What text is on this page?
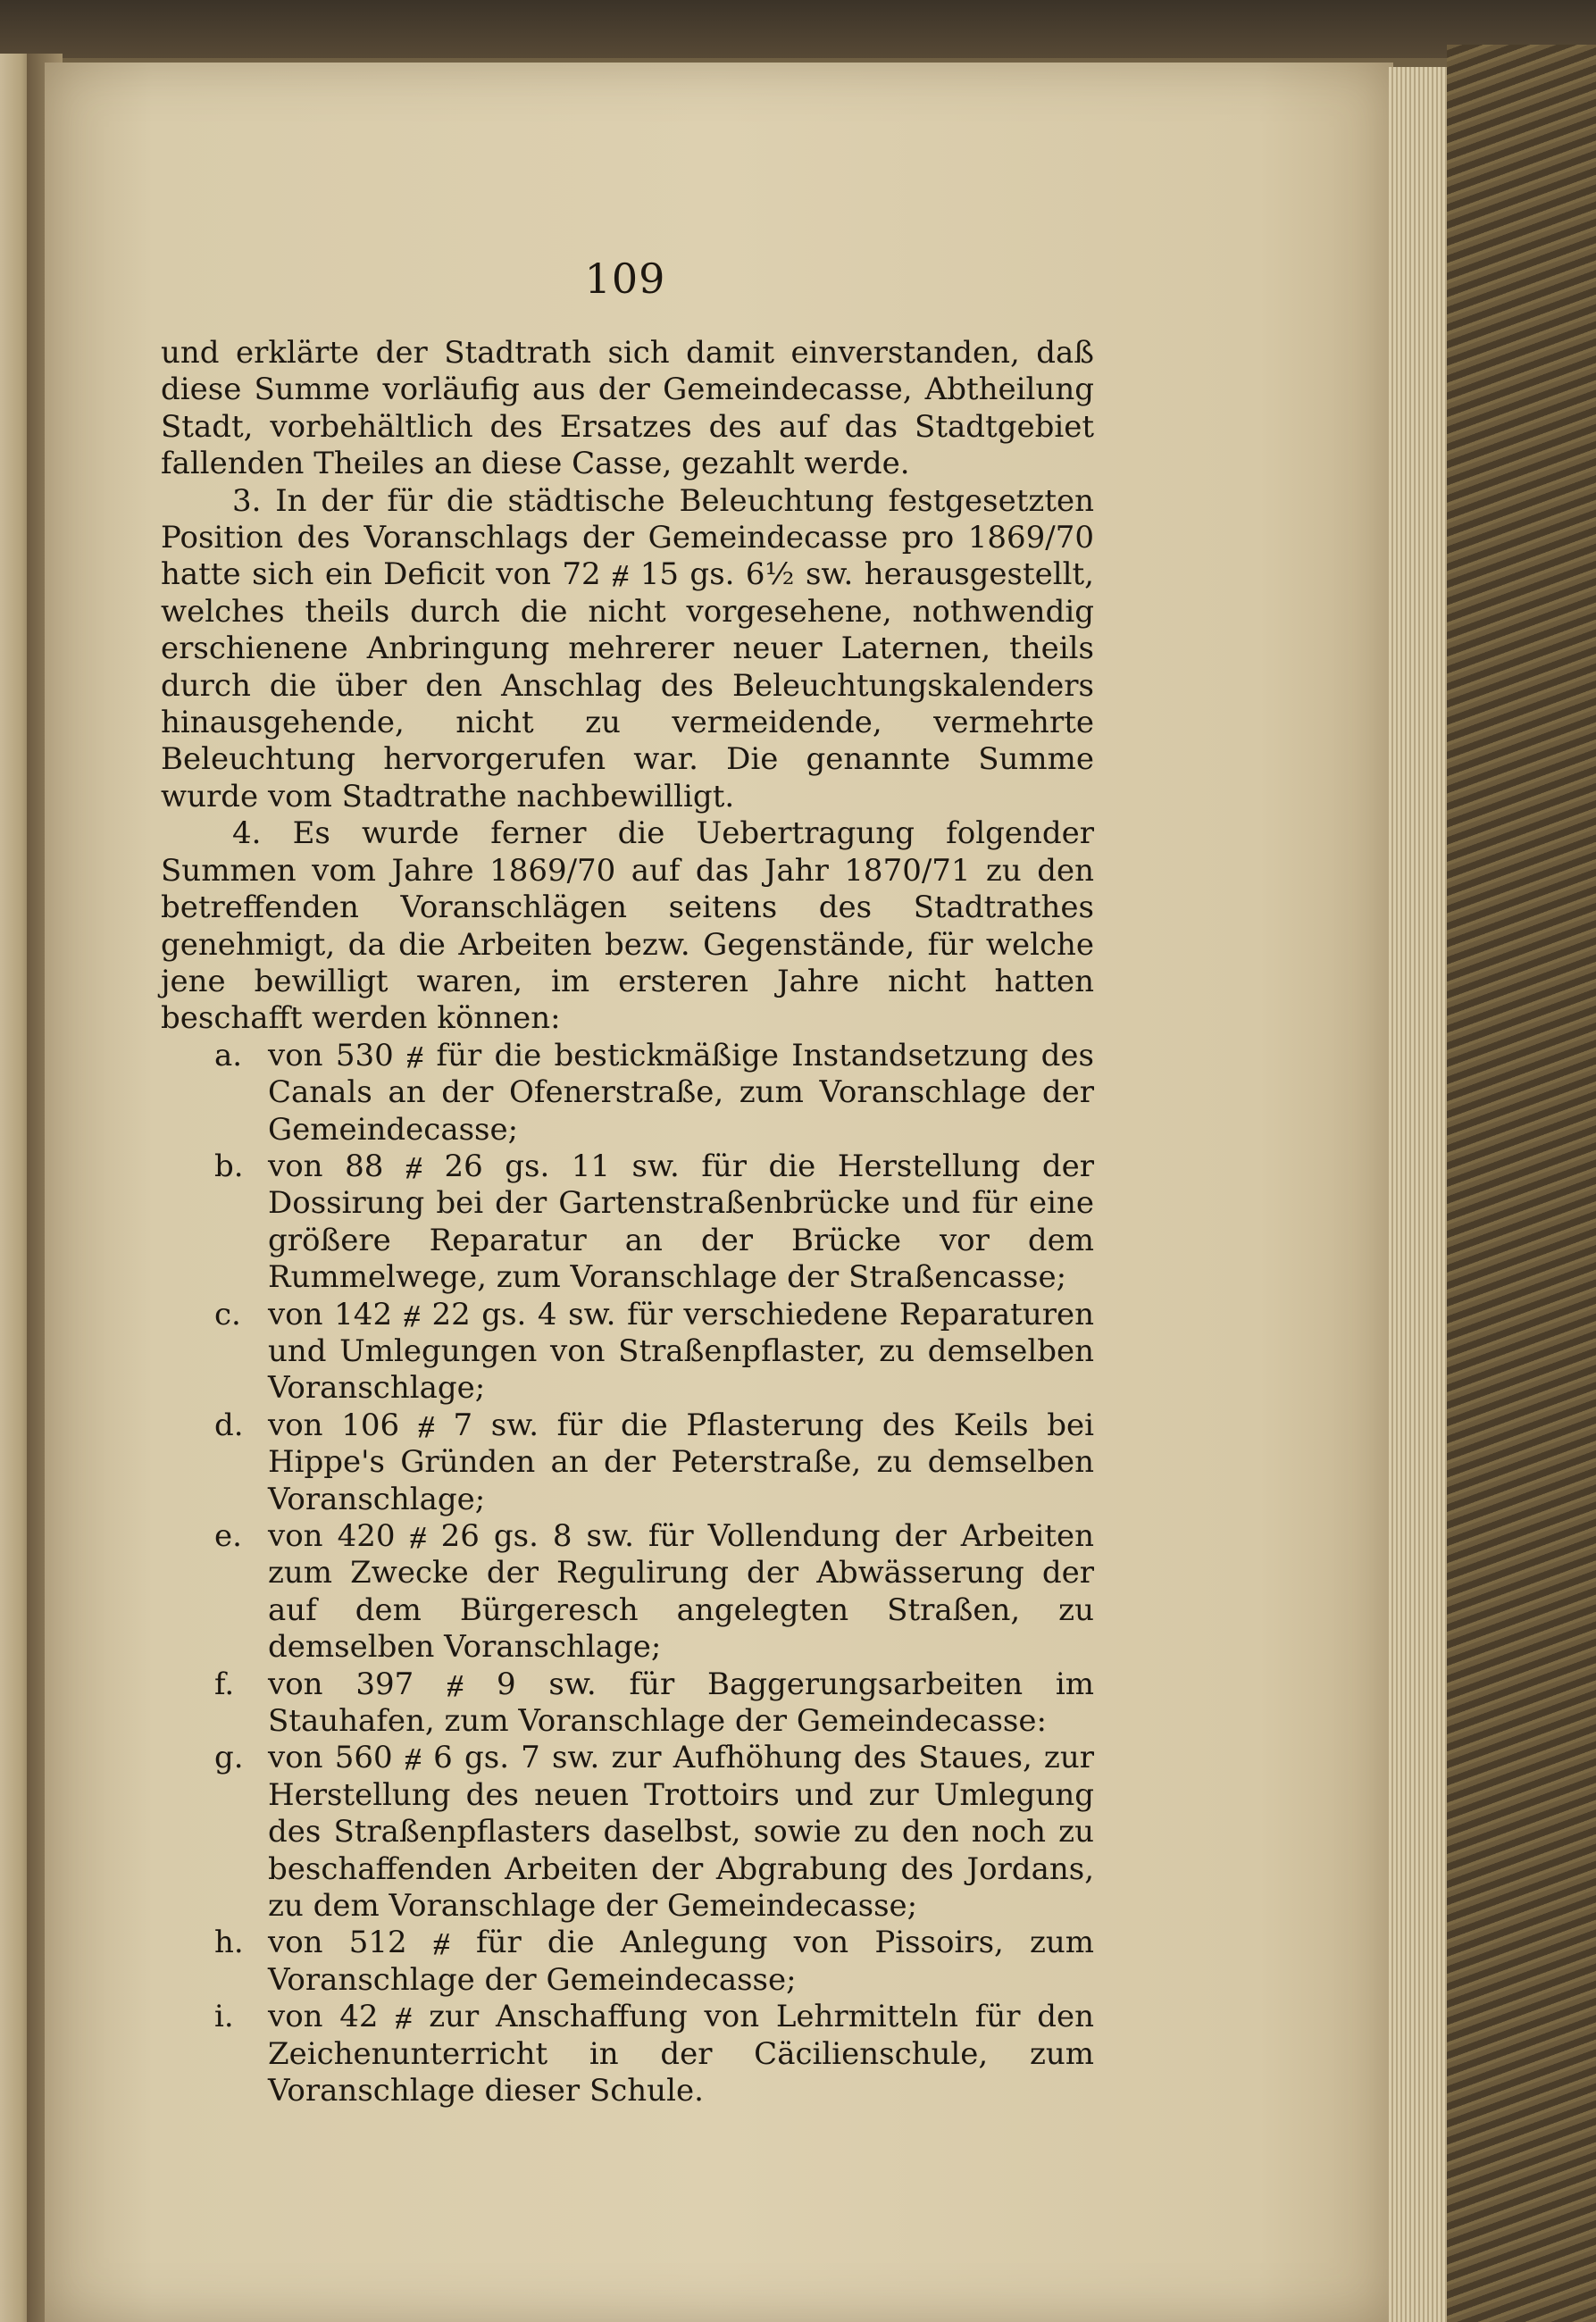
109

und erklärte der Stadtrath sich damit einverstanden, daß diese Summe vorläufig aus der Gemeindecasse, Abtheilung Stadt, vorbehältlich des Ersatzes des auf das Stadtgebiet fallenden Theiles an diese Casse, gezahlt werde.

3. In der für die städtische Beleuchtung festgesetzten Position des Voranschlags der Gemeindecasse pro 1869/70 hatte sich ein Deficit von 72 ⧣ 15 gs. 6½ sw. herausgestellt, welches theils durch die nicht vorgesehene, nothwendig erschienene Anbringung mehrerer neuer Laternen, theils durch die über den Anschlag des Beleuchtungskalenders hinausgehende, nicht zu vermeidende, vermehrte Beleuchtung hervorgerufen war. Die genannte Summe wurde vom Stadtrathe nachbewilligt.

4. Es wurde ferner die Uebertragung folgender Summen vom Jahre 1869/70 auf das Jahr 1870/71 zu den betreffenden Voranschlägen seitens des Stadtrathes genehmigt, da die Arbeiten bezw. Gegenstände, für welche jene bewilligt waren, im ersteren Jahre nicht hatten beschafft werden können:

a. von 530 ⧣ für die bestickmäßige Instandsetzung des Canals an der Ofenerstraße, zum Voranschlage der Gemeindecasse;
b. von 88 ⧣ 26 gs. 11 sw. für die Herstellung der Dossirung bei der Gartenstraßenbrücke und für eine größere Reparatur an der Brücke vor dem Rummelwege, zum Voranschlage der Straßencasse;
c. von 142 ⧣ 22 gs. 4 sw. für verschiedene Reparaturen und Umlegungen von Straßenpflaster, zu demselben Voranschlage;
d. von 106 ⧣ 7 sw. für die Pflasterung des Keils bei Hippe's Gründen an der Peterstraße, zu demselben Voranschlage;
e. von 420 ⧣ 26 gs. 8 sw. für Vollendung der Arbeiten zum Zwecke der Regulirung der Abwässerung der auf dem Bürgeresch angelegten Straßen, zu demselben Voranschlage;
f. von 397 ⧣ 9 sw. für Baggerungsarbeiten im Stauhafen, zum Voranschlage der Gemeindecasse:
g. von 560 ⧣ 6 gs. 7 sw. zur Aufhöhung des Staues, zur Herstellung des neuen Trottoirs und zur Umlegung des Straßenpflasters daselbst, sowie zu den noch zu beschaffenden Arbeiten der Abgrabung des Jordans, zu dem Voranschlage der Gemeindecasse;
h. von 512 ⧣ für die Anlegung von Pissoirs, zum Voranschlage der Gemeindecasse;
i. von 42 ⧣ zur Anschaffung von Lehrmitteln für den Zeichenunterricht in der Cäcilienschule, zum Voranschlage dieser Schule.
